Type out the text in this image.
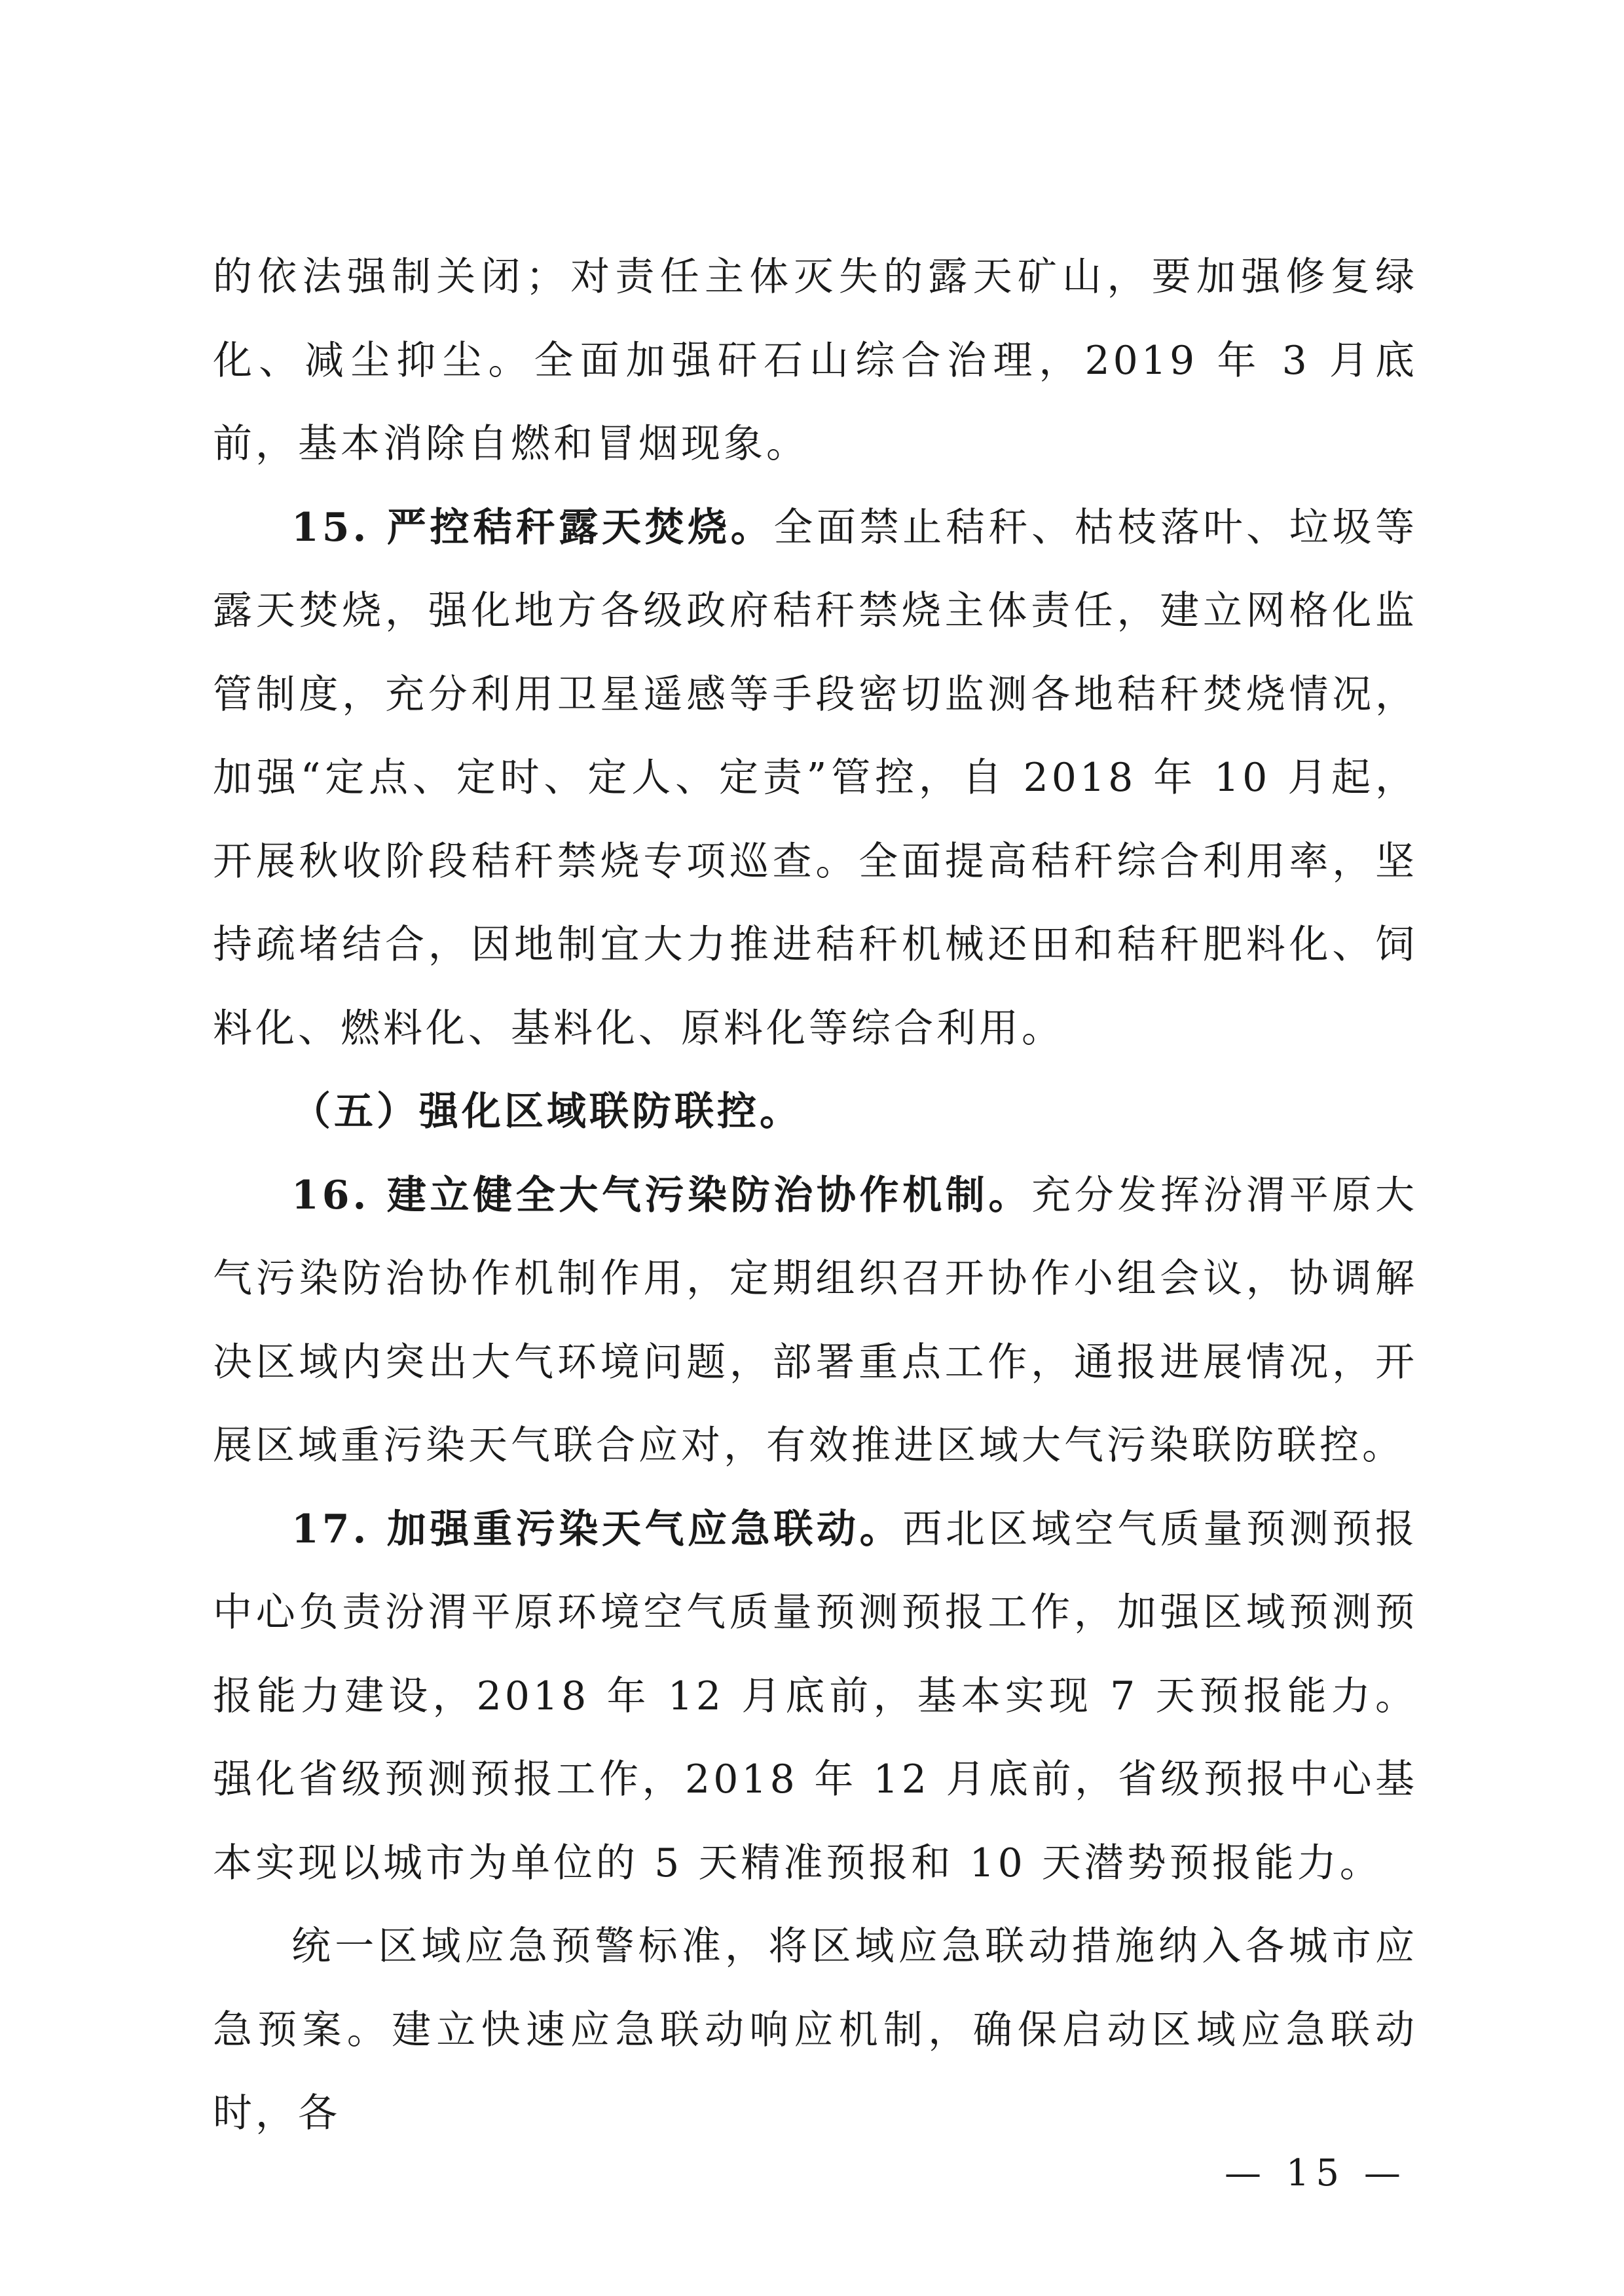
的依法强制关闭；对责任主体灭失的露天矿山，要加强修复绿化、减尘抑尘。全面加强矸石山综合治理，2019 年 3 月底前，基本消除自燃和冒烟现象。

15. 严控秸秆露天焚烧。全面禁止秸秆、枯枝落叶、垃圾等露天焚烧，强化地方各级政府秸秆禁烧主体责任，建立网格化监管制度，充分利用卫星遥感等手段密切监测各地秸秆焚烧情况，加强“定点、定时、定人、定责”管控，自 2018 年 10 月起，开展秋收阶段秸秆禁烧专项巡查。全面提高秸秆综合利用率，坚持疏堵结合，因地制宜大力推进秸秆机械还田和秸秆肥料化、饲料化、燃料化、基料化、原料化等综合利用。

（五）强化区域联防联控。

16. 建立健全大气污染防治协作机制。充分发挥汾渭平原大气污染防治协作机制作用，定期组织召开协作小组会议，协调解决区域内突出大气环境问题，部署重点工作，通报进展情况，开展区域重污染天气联合应对，有效推进区域大气污染联防联控。

17. 加强重污染天气应急联动。西北区域空气质量预测预报中心负责汾渭平原环境空气质量预测预报工作，加强区域预测预报能力建设，2018 年 12 月底前，基本实现 7 天预报能力。强化省级预测预报工作，2018 年 12 月底前，省级预报中心基本实现以城市为单位的 5 天精准预报和 10 天潜势预报能力。

统一区域应急预警标准，将区域应急联动措施纳入各城市应急预案。建立快速应急联动响应机制，确保启动区域应急联动时，各

— 15 —
